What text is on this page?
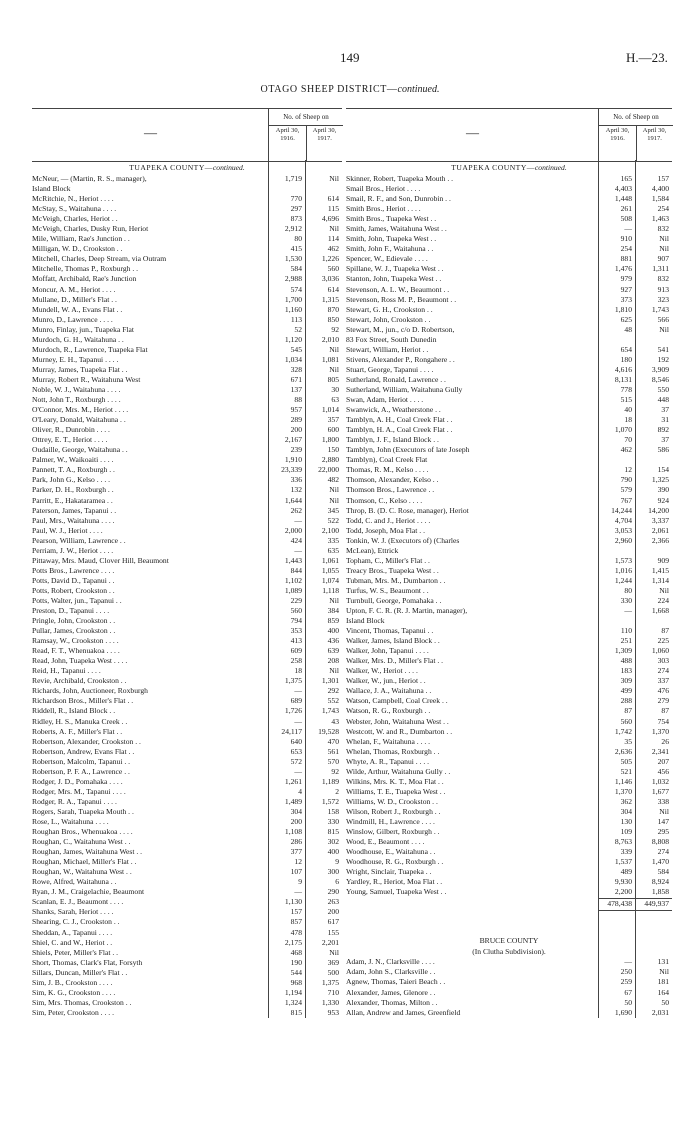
149	H.—23.
OTAGO SHEEP DISTRICT—continued.
—
No. of Sheep on
April 30,
1916.
April 30,
1917.
TUAPEKA COUNTY—continued.
McNeur, — (Martin, R. S., manager),	1,719	Nil
Island Block
McRitchie, N., Heriot . . . .	770	614
McStay, S., Waitahuna . . . .	297	115
McVeigh, Charles, Heriot . .	873	4,696
McVeigh, Charles, Dusky Run, Heriot	2,912	Nil
Mile, William, Rae's Junction . .	80	114
Milligan, W. D., Crookston . .	415	462
Mitchell, Charles, Deep Stream, via Outram	1,530	1,226
Mitchelle, Thomas P., Roxburgh . .	584	560
Moffatt, Archibald, Rae's Junction	2,988	3,036
Moncur, A. M., Heriot . . . .	574	614
Mullane, D., Miller's Flat . .	1,700	1,315
Mundell, W. A., Evans Flat . .	1,160	870
Munro, D., Lawrence . . . .	113	850
Munro, Finlay, jun., Tuapeka Flat	52	92
Murdoch, G. H., Waitahuna . .	1,120	2,010
Murdoch, R., Lawrence, Tuapeka Flat	545	Nil
Murney, E. H., Tapanui . . . .	1,034	1,081
Murray, James, Tuapeka Flat . .	328	Nil
Murray, Robert R., Waitahuna West	671	805
Noble, W. J., Waitahuna . . . .	137	30
Nott, John T., Roxburgh . . . .	88	63
O'Connor, Mrs. M., Heriot . . . .	957	1,014
O'Leary, Donald, Waitahuna . .	289	357
Oliver, R., Dunrobin . . . .	200	600
Ottrey, E. T., Heriot . . . .	2,167	1,800
Oudaille, George, Waitahuna . .	239	150
Palmer, W., Waikoaiti . . . .	1,910	2,880
Pannett, T. A., Roxburgh . .	23,339	22,000
Park, John G., Kelso . . . .	336	482
Parker, D. H., Roxburgh . .	132	Nil
Parritt, E., Hakataramea . .	1,644	Nil
Paterson, James, Tapanui . .	262	345
Paul, Mrs., Waitahuna . . . .	—	522
Paul, W. J., Heriot . . . .	2,000	2,100
Pearson, William, Lawrence . .	424	335
Perriam, J. W., Heriot . . . .	—	635
Pittaway, Mrs. Maud, Clover Hill, Beaumont	1,443	1,061
Potts Bros., Lawrence . . . .	844	1,055
Potts, David D., Tapanui . .	1,102	1,074
Potts, Robert, Crookston . .	1,089	1,118
Potts, Walter, jun., Tapanui . .	229	Nil
Preston, D., Tapanui . . . .	560	384
Pringle, John, Crookston . .	794	859
Pullar, James, Crookston . .	353	400
Ramsay, W., Crookston . . . .	413	436
Read, F. T., Whenuakoa . . . .	609	639
Read, John, Tuapeka West . . . .	258	208
Reid, H., Tapanui . . . .	18	Nil
Revie, Archibald, Crookston . .	1,375	1,301
Richards, John, Auctioneer, Roxburgh	—	292
Richardson Bros., Miller's Flat . .	689	552
Riddell, R., Island Block . .	1,726	1,743
Ridley, H. S., Manuka Creek . .	—	43
Roberts, A. F., Miller's Flat . .	24,117	19,528
Robertson, Alexander, Crookston . .	640	470
Robertson, Andrew, Evans Flat . .	653	561
Robertson, Malcolm, Tapanui . .	572	570
Robertson, P. F. A., Lawrence . .	—	92
Rodger, J. D., Pomahaka . . . .	1,261	1,189
Rodger, Mrs. M., Tapanui . . . .	4	2
Rodger, R. A., Tapanui . . . .	1,489	1,572
Rogers, Sarah, Tuapeka Mouth . .	304	158
Rose, L., Waitahuna . . . .	200	330
Roughan Bros., Whenuakoa . . . .	1,108	815
Roughan, C., Waitahuna West . .	286	302
Roughan, James, Waitahuna West . .	377	400
Roughan, Michael, Miller's Flat . .	12	9
Roughan, W., Waitahuna West . .	107	300
Rowe, Alfred, Waitahuna . .	9	6
Ryan, J. M., Craigelachie, Beaumont	—	290
Scanlan, E. J., Beaumont . . . .	1,130	263
Shanks, Sarah, Heriot . . . .	157	200
Shearing, C. J., Crookston . .	857	617
Sheddan, A., Tapanui . . . .	478	155
Shiel, C. and W., Heriot . .	2,175	2,201
Shiels, Peter, Miller's Flat . .	468	Nil
Short, Thomas, Clark's Flat, Forsyth	190	369
Sillars, Duncan, Miller's Flat . .	544	500
Sim, J. B., Crookston . . . .	968	1,375
Sim, K. G., Crookston . . . .	1,194	710
Sim, Mrs. Thomas, Crookston . .	1,324	1,330
Sim, Peter, Crookston . . . .	815	953
—
No. of Sheep on
April 30,
1916.
April 30,
1917.
TUAPEKA COUNTY—continued.
Skinner, Robert, Tuapeka Mouth . .	165	157
Smail Bros., Heriot . . . .	4,403	4,400
Smail, R. F., and Son, Dunrobin . .	1,448	1,584
Smith Bros., Heriot . . . .	261	254
Smith Bros., Tuapeka West . .	508	1,463
Smith, James, Waitahuna West . .	—	832
Smith, John, Tuapeka West . .	910	Nil
Smith, John F., Waitahuna . .	254	Nil
Spencer, W., Edievale . . . .	881	907
Spillane, W. J., Tuapeka West . .	1,476	1,311
Stanton, John, Tuapeka West . .	979	832
Stevenson, A. L. W., Beaumont . .	927	913
Stevenson, Ross M. P., Beaumont . .	373	323
Stewart, G. H., Crookston . .	1,810	1,743
Stewart, John, Crookston . .	625	566
Stewart, M., jun., c/o D. Robertson,	48	Nil
83 Fox Street, South Dunedin
Stewart, William, Heriot . .	654	541
Stivens, Alexander P., Rongahere . .	180	192
Stuart, George, Tapanui . . . .	4,616	3,909
Sutherland, Ronald, Lawrence . .	8,131	8,546
Sutherland, William, Waitahuna Gully	778	550
Swan, Adam, Heriot . . . .	515	448
Swanwick, A., Weatherstone . .	40	37
Tamblyn, A. H., Coal Creek Flat . .	18	31
Tamblyn, H. A., Coal Creek Flat . .	1,070	892
Tamblyn, J. F., Island Block . .	70	37
Tamblyn, John (Executors of late Joseph	462	586
Tamblyn), Coal Creek Flat
Thomas, R. M., Kelso . . . .	12	154
Thomson, Alexander, Kelso . .	790	1,325
Thomson Bros., Lawrence . .	579	390
Thomson, C., Kelso . . . .	767	924
Throp, B. (D. C. Rose, manager), Heriot	14,244	14,200
Todd, C. and J., Heriot . . . .	4,704	3,337
Todd, Joseph, Moa Flat . .	3,053	2,061
Tonkin, W. J. (Executors of) (Charles	2,960	2,366
McLean), Ettrick
Topham, C., Miller's Flat . .	1,573	909
Treacy Bros., Tuapeka West . .	1,016	1,415
Tubman, Mrs. M., Dumbarton . .	1,244	1,314
Turfus, W. S., Beaumont . .	80	Nil
Turnbull, George, Pomahaka . .	330	224
Upton, F. C. R. (R. J. Martin, manager),	—	1,668
Island Block
Vincent, Thomas, Tapanui . .	110	87
Walker, James, Island Block . .	251	225
Walker, John, Tapanui . . . .	1,309	1,060
Walker, Mrs. D., Miller's Flat . .	488	303
Walker, W., Heriot . . . .	183	274
Walker, W., jun., Heriot . .	309	337
Wallace, J. A., Waitahuna . .	499	476
Watson, Campbell, Coal Creek . .	288	279
Watson, R. G., Roxburgh . .	87	87
Webster, John, Waitahuna West . .	560	754
Westcott, W. and R., Dumbarton . .	1,742	1,370
Whelan, F., Waitahuna . . . .	35	26
Whelan, Thomas, Roxburgh . .	2,636	2,341
Whyte, A. R., Tapanui . . . .	505	207
Wilde, Arthur, Waitahuna Gully . .	521	456
Wilkins, Mrs. K. T., Moa Flat . .	1,146	1,032
Williams, T. E., Tuapeka West . .	1,370	1,677
Williams, W. D., Crookston . .	362	338
Wilson, Robert J., Roxburgh . .	304	Nil
Windmill, H., Lawrence . . . .	130	147
Winslow, Gilbert, Roxburgh . .	109	295
Wood, E., Beaumont . . . .	8,763	8,808
Woodhouse, E., Waitahuna . .	339	274
Woodhouse, R. G., Roxburgh . .	1,537	1,470
Wright, Sinclair, Tuapeka . .	489	584
Yardley, R., Heriot, Moa Flat . .	9,930	8,924
Young, Samuel, Tuapeka West . .	2,200	1,858
478,438	449,937
BRUCE COUNTY
(In Clutha Subdivision).
Adam, J. N., Clarksville . . . .	—	131
Adam, John S., Clarksville . .	250	Nil
Agnew, Thomas, Taieri Beach . .	259	181
Alexander, James, Glenore . .	67	164
Alexander, Thomas, Milton . .	50	50
Allan, Andrew and James, Greenfield	1,690	2,031
